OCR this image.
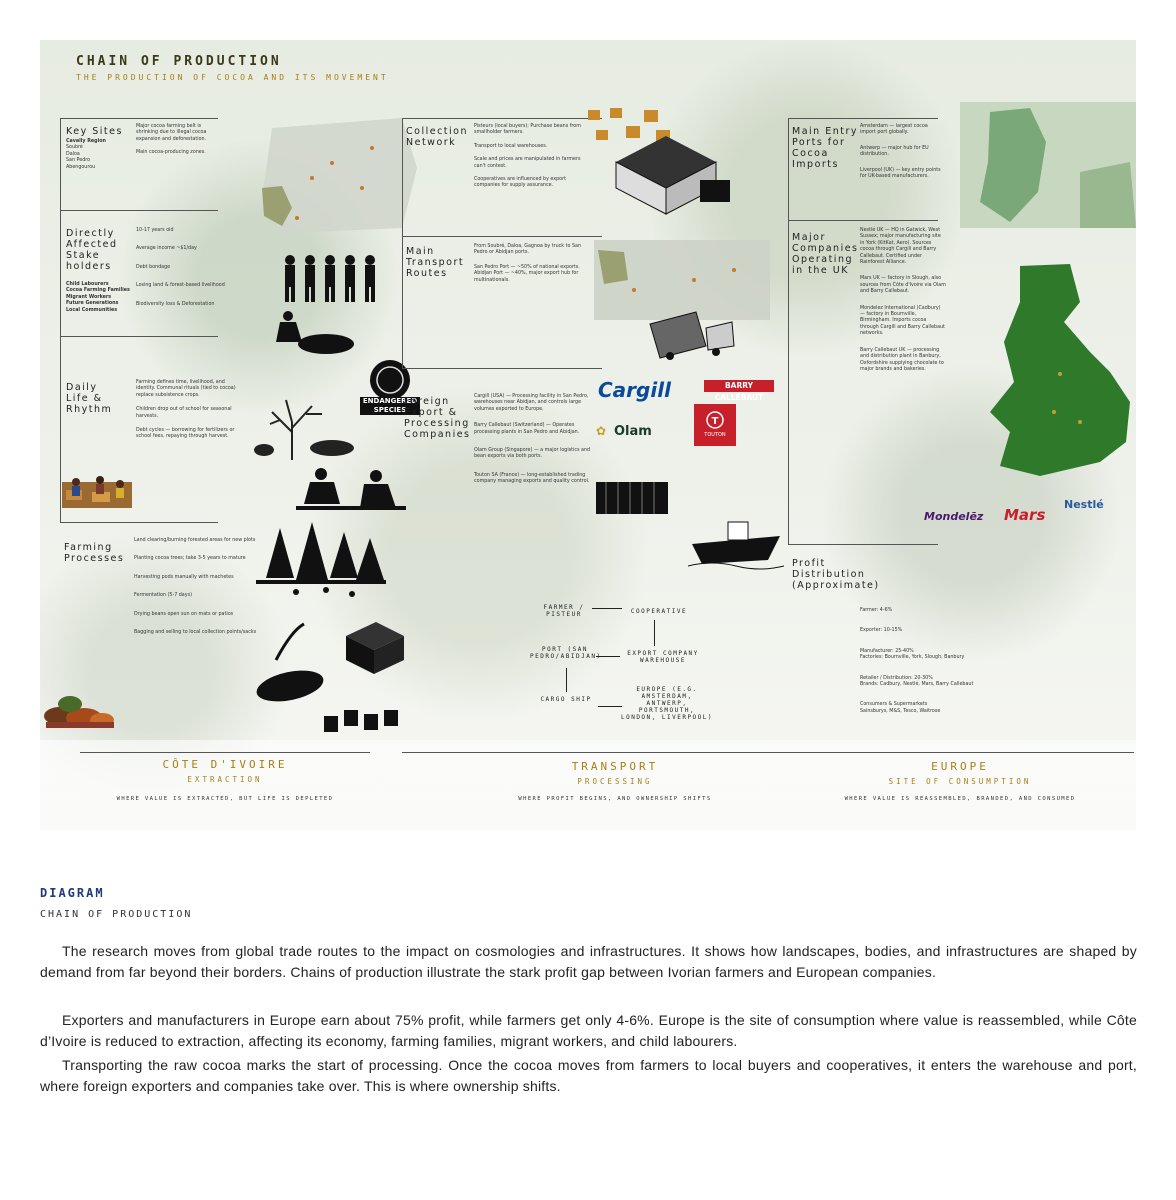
CHAIN OF PRODUCTION
THE PRODUCTION OF COCOA AND ITS MOVEMENT
Key Sites
Cavally Region
Soubré
Daloa
San Pedro
Abengourou
Major cocoa farming belt is shrinking due to illegal cocoa expansion and deforestation.
Main cocoa-producing zones.
Directly Affected Stake holders
Child Labourers
Cocoa Farming Families
Migrant Workers
Future Generations
Local Communities
10-17 years old
Average income ~$1/day
Debt bondage
Losing land & forest-based livelihood
Biodiversity loss & Deforestation
Daily Life & Rhythm
Farming defines time, livelihood, and identity. Communal rituals (tied to cocoa) replace subsistence crops.
Children drop out of school for seasonal harvests.
Debt cycles — borrowing for fertilizers or school fees, repaying through harvest.
Farming Processes
Land clearing/burning forested areas for new plots
Planting cocoa trees; take 3-5 years to mature
Harvesting pods manually with machetes
Fermentation (5-7 days)
Drying beans open sun on mats or patios
Bagging and selling to local collection points/sacks
ENDANGERED SPECIES
Collection Network
Pisteurs (local buyers): Purchase beans from smallholder farmers.
Transport to local warehouses.
Scale and prices are manipulated in farmers can't contest.
Cooperatives are influenced by export companies for supply assurance.
Main Transport Routes
From Soubré, Daloa, Gagnoa by truck to San Pedro or Abidjan ports.
San Pedro Port — ~50% of national exports. Abidjan Port — ~40%, major export hub for multinationals.
Foreign Export & Processing Companies
Cargill (USA) — Processing facility in San Pedro, warehouses near Abidjan, and controls large volumes exported to Europe.
Barry Callebaut (Switzerland) — Operates processing plants in San Pedro and Abidjan.
Olam Group (Singapore) — a major logistics and bean exports via both ports.
Touton SA (France) — long-established trading company managing exports and quality control.
Cargill	BARRY CALLEBAUT
✿ Olam
T
TOUTON
FARMER / PISTEUR	COOPERATIVE
EXPORT COMPANY WAREHOUSE
PORT (SAN PEDRO/ABIDJAN)
CARGO SHIP
EUROPE (E.G. AMSTERDAM, ANTWERP, PORTSMOUTH, LONDON, LIVERPOOL)
Main Entry Ports for Cocoa Imports
Amsterdam — largest cocoa import port globally.
Antwerp — major hub for EU distribution.
Liverpool (UK) — key entry points for UK-based manufacturers.
Major Companies Operating in the UK
Nestlé UK — HQ in Gatwick, West Sussex; major manufacturing site in York (KitKat, Aero). Sources cocoa through Cargill and Barry Callebaut. Certified under Rainforest Alliance.
Mars UK — factory in Slough, also sources from Côte d'Ivoire via Olam and Barry Callebaut.
Mondelez International (Cadbury) — factory in Bournville, Birmingham. Imports cocoa through Cargill and Barry Callebaut networks.
Barry Callebaut UK — processing and distribution plant in Banbury, Oxfordshire supplying chocolate to major brands and bakeries.
Mondelēz Mars
Nestlé
Profit Distribution (Approximate)
Farmer: 4-6%
Exporter: 10-15%
Manufacturer: 25-40%
Factories: Bournville, York, Slough, Banbury
Retailer / Distribution: 20-30%
Brands: Cadbury, Nestlé, Mars, Barry Callebaut
Consumers & Supermarkets
Sainsburys, M&S, Tesco, Waitrose
CÔTE D'IVOIRE
EXTRACTION
WHERE VALUE IS EXTRACTED, BUT LIFE IS DEPLETED
TRANSPORT
PROCESSING
WHERE PROFIT BEGINS, AND OWNERSHIP SHIFTS
EUROPE
SITE OF CONSUMPTION
WHERE VALUE IS REASSEMBLED, BRANDED, AND CONSUMED
DIAGRAM
CHAIN OF PRODUCTION

The research moves from global trade routes to the impact on cosmologies and infrastructures. It shows how landscapes, bodies, and infrastructures are shaped by demand from far beyond their borders. Chains of production illustrate the stark profit gap between Ivorian farmers and European companies.

Exporters and manufacturers in Europe earn about 75% profit, while farmers get only 4-6%. Europe is the site of consumption where value is reassembled, while Côte d’Ivoire is reduced to extraction, affecting its economy, farming families, migrant workers, and child labourers.

Transporting the raw cocoa marks the start of processing. Once the cocoa moves from farmers to local buyers and cooperatives, it enters the warehouse and port, where foreign exporters and companies take over. This is where ownership shifts.
